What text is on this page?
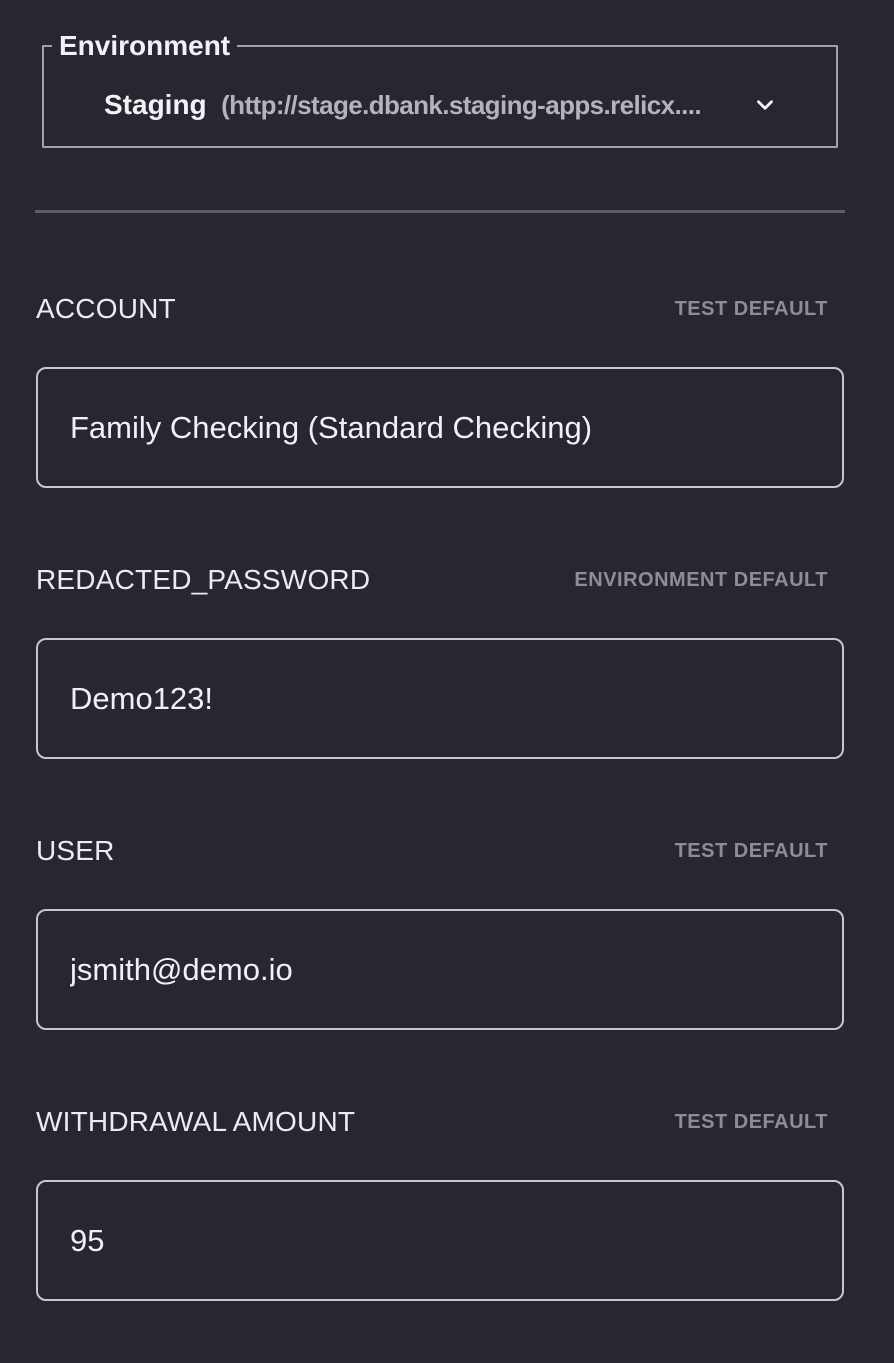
Environment
Staging (http://stage.dbank.staging-apps.relicx....
ACCOUNT	TEST DEFAULT
Family Checking (Standard Checking)
REDACTED_PASSWORD	ENVIRONMENT DEFAULT
Demo123!
USER	TEST DEFAULT
jsmith@demo.io
WITHDRAWAL AMOUNT	TEST DEFAULT
95
